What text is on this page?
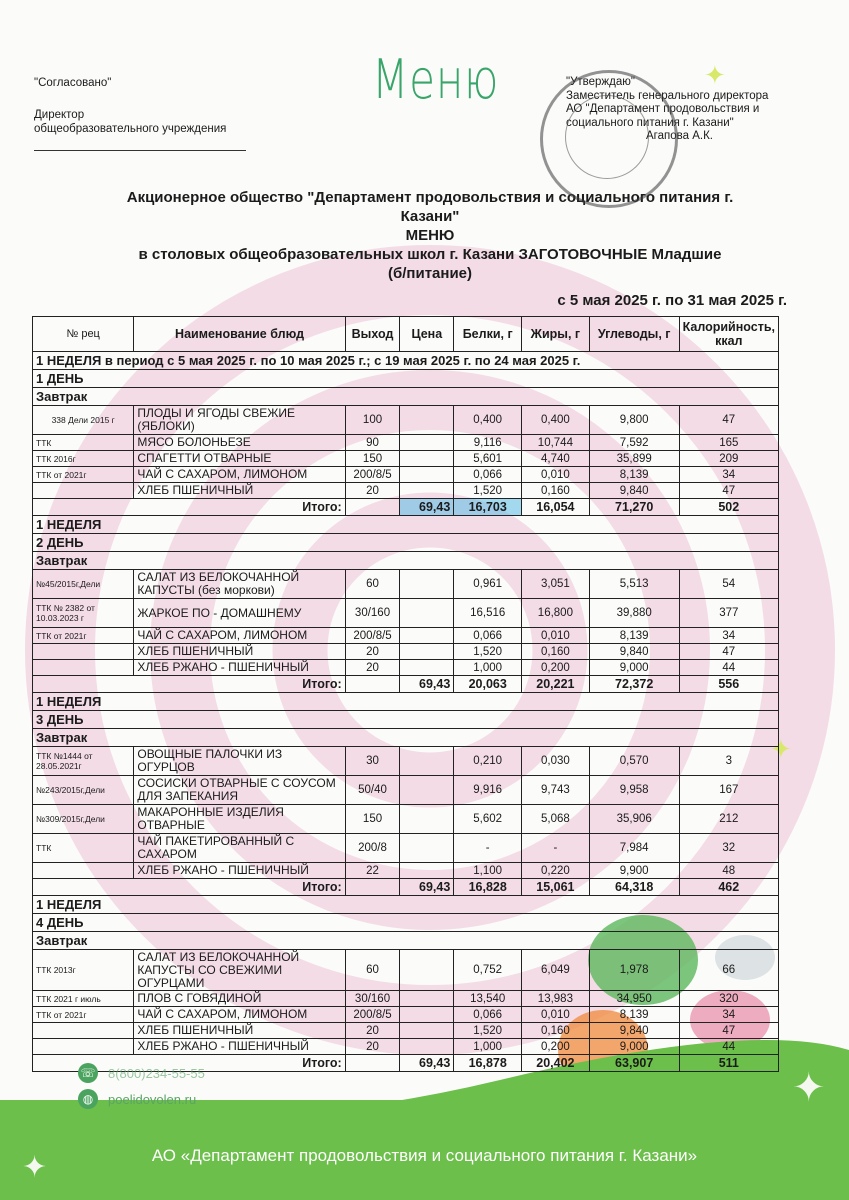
✦
✦
"Согласовано"
Директор
общеобразовательного учреждения
Меню	"Утверждаю"
Заместитель генерального директора
АО "Департамент продовольствия и
социального питания г. Казани"
Агапова А.К.
Акционерное общество "Департамент продовольствия и социального питания г.
Казани"
МЕНЮ
в столовых общеобразовательных школ г. Казани ЗАГОТОВОЧНЫЕ Младшие
(б/питание)
с 5 мая 2025 г. по 31 мая 2025 г.
№ рец	Наименование блюд	Выход	Цена	Белки, г	Жиры, г	Углеводы, г	Калорийность, ккал
1 НЕДЕЛЯ в период с 5 мая 2025 г. по 10 мая 2025 г.; с 19 мая 2025 г. по 24 мая 2025 г.							
1 ДЕНЬ							
Завтрак							
338 Дели 2015 г	ПЛОДЫ И ЯГОДЫ СВЕЖИЕ (ЯБЛОКИ)	100		0,400	0,400	9,800	47
ТТК	МЯСО БОЛОНЬЕЗЕ	90		9,116	10,744	7,592	165
ТТК 2016г	СПАГЕТТИ ОТВАРНЫЕ	150		5,601	4,740	35,899	209
ТТК от 2021г	ЧАЙ С САХАРОМ, ЛИМОНОМ	200/8/5		0,066	0,010	8,139	34
	ХЛЕБ ПШЕНИЧНЫЙ	20		1,520	0,160	9,840	47
Итого:			69,43	16,703	16,054	71,270	502
1 НЕДЕЛЯ							
2 ДЕНЬ							
Завтрак							
№45/2015г,Дели	САЛАТ ИЗ БЕЛОКОЧАННОЙ КАПУСТЫ (без моркови)	60		0,961	3,051	5,513	54
ТТК № 2382 от 10.03.2023 г	ЖАРКОЕ ПО - ДОМАШНЕМУ	30/160		16,516	16,800	39,880	377
ТТК от 2021г	ЧАЙ С САХАРОМ, ЛИМОНОМ	200/8/5		0,066	0,010	8,139	34
	ХЛЕБ ПШЕНИЧНЫЙ	20		1,520	0,160	9,840	47
	ХЛЕБ РЖАНО - ПШЕНИЧНЫЙ	20		1,000	0,200	9,000	44
Итого:			69,43	20,063	20,221	72,372	556
1 НЕДЕЛЯ							
3 ДЕНЬ							
Завтрак							
ТТК №1444 от 28.05.2021г	ОВОЩНЫЕ ПАЛОЧКИ ИЗ ОГУРЦОВ	30		0,210	0,030	0,570	3
№243/2015г,Дели	СОСИСКИ ОТВАРНЫЕ С СОУСОМ ДЛЯ ЗАПЕКАНИЯ	50/40		9,916	9,743	9,958	167
№309/2015г,Дели	МАКАРОННЫЕ ИЗДЕЛИЯ ОТВАРНЫЕ	150		5,602	5,068	35,906	212
ТТК	ЧАЙ ПАКЕТИРОВАННЫЙ С САХАРОМ	200/8		-	-	7,984	32
	ХЛЕБ РЖАНО - ПШЕНИЧНЫЙ	22		1,100	0,220	9,900	48
Итого:			69,43	16,828	15,061	64,318	462
1 НЕДЕЛЯ							
4 ДЕНЬ							
Завтрак							
ТТК 2013г	САЛАТ ИЗ БЕЛОКОЧАННОЙ КАПУСТЫ СО СВЕЖИМИ ОГУРЦАМИ	60		0,752	6,049	1,978	66
ТТК 2021 г июль	ПЛОВ С ГОВЯДИНОЙ	30/160		13,540	13,983	34,950	320
ТТК от 2021г	ЧАЙ С САХАРОМ, ЛИМОНОМ	200/8/5		0,066	0,010	8,139	34
	ХЛЕБ ПШЕНИЧНЫЙ	20		1,520	0,160	9,840	47
	ХЛЕБ РЖАНО - ПШЕНИЧНЫЙ	20		1,000	0,200	9,000	44
Итого:			69,43	16,878	20,402	63,907	511
✦
✦
☏ 8(800)234-55-55
◍	poelidovolen.ru
АО «Департамент продовольствия и социального питания г. Казани»
